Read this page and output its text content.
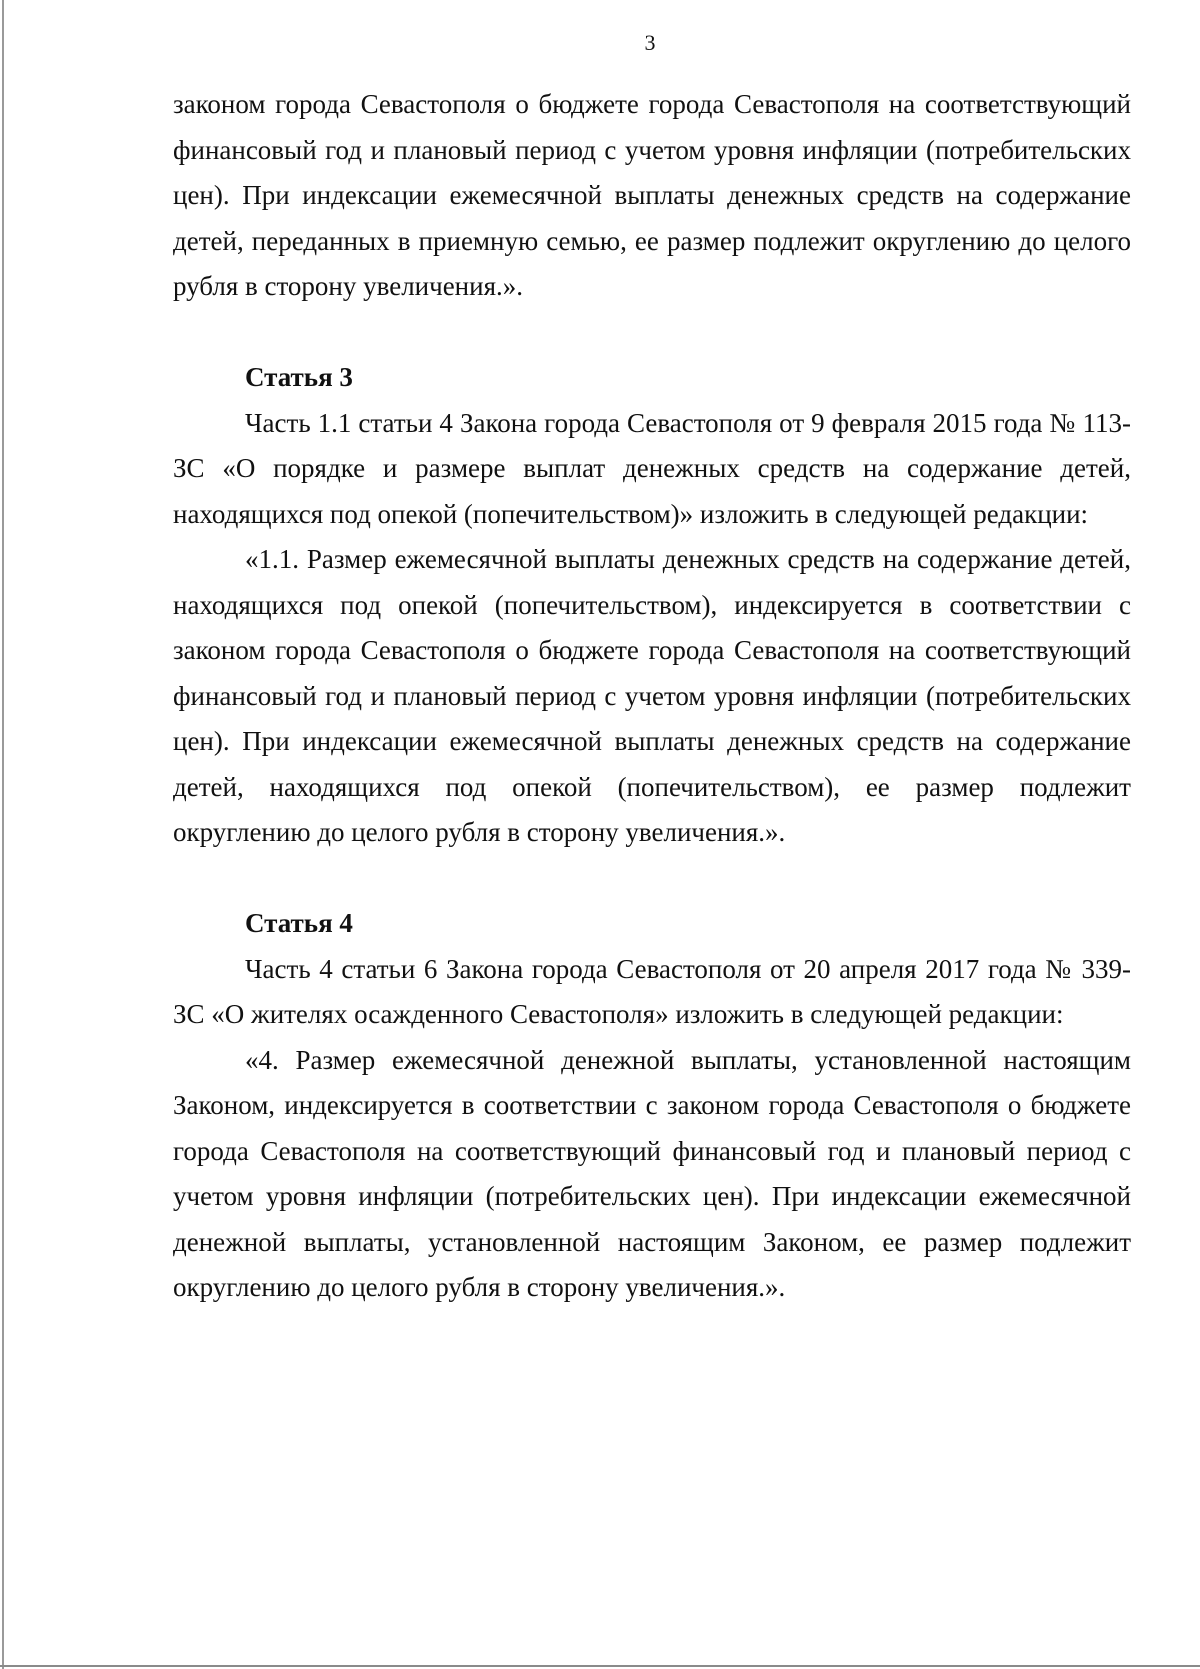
3

законом города Севастополя о бюджете города Севастополя на соответствующий финансовый год и плановый период с учетом уровня инфляции (потребительских цен). При индексации ежемесячной выплаты денежных средств на содержание детей, переданных в приемную семью, ее размер подлежит округлению до целого рубля в сторону увеличения.».

Статья 3

Часть 1.1 статьи 4 Закона города Севастополя от 9 февраля 2015 года № 113-ЗС «О порядке и размере выплат денежных средств на содержание детей, находящихся под опекой (попечительством)» изложить в следующей редакции:

«1.1. Размер ежемесячной выплаты денежных средств на содержание детей, находящихся под опекой (попечительством), индексируется в соответствии с законом города Севастополя о бюджете города Севастополя на соответствующий финансовый год и плановый период с учетом уровня инфляции (потребительских цен). При индексации ежемесячной выплаты денежных средств на содержание детей, находящихся под опекой (попечительством), ее размер подлежит округлению до целого рубля в сторону увеличения.».

Статья 4

Часть 4 статьи 6 Закона города Севастополя от 20 апреля 2017 года № 339-ЗС «О жителях осажденного Севастополя» изложить в следующей редакции:

«4. Размер ежемесячной денежной выплаты, установленной настоящим Законом, индексируется в соответствии с законом города Севастополя о бюджете города Севастополя на соответствующий финансовый год и плановый период с учетом уровня инфляции (потребительских цен). При индексации ежемесячной денежной выплаты, установленной настоящим Законом, ее размер подлежит округлению до целого рубля в сторону увеличения.».
